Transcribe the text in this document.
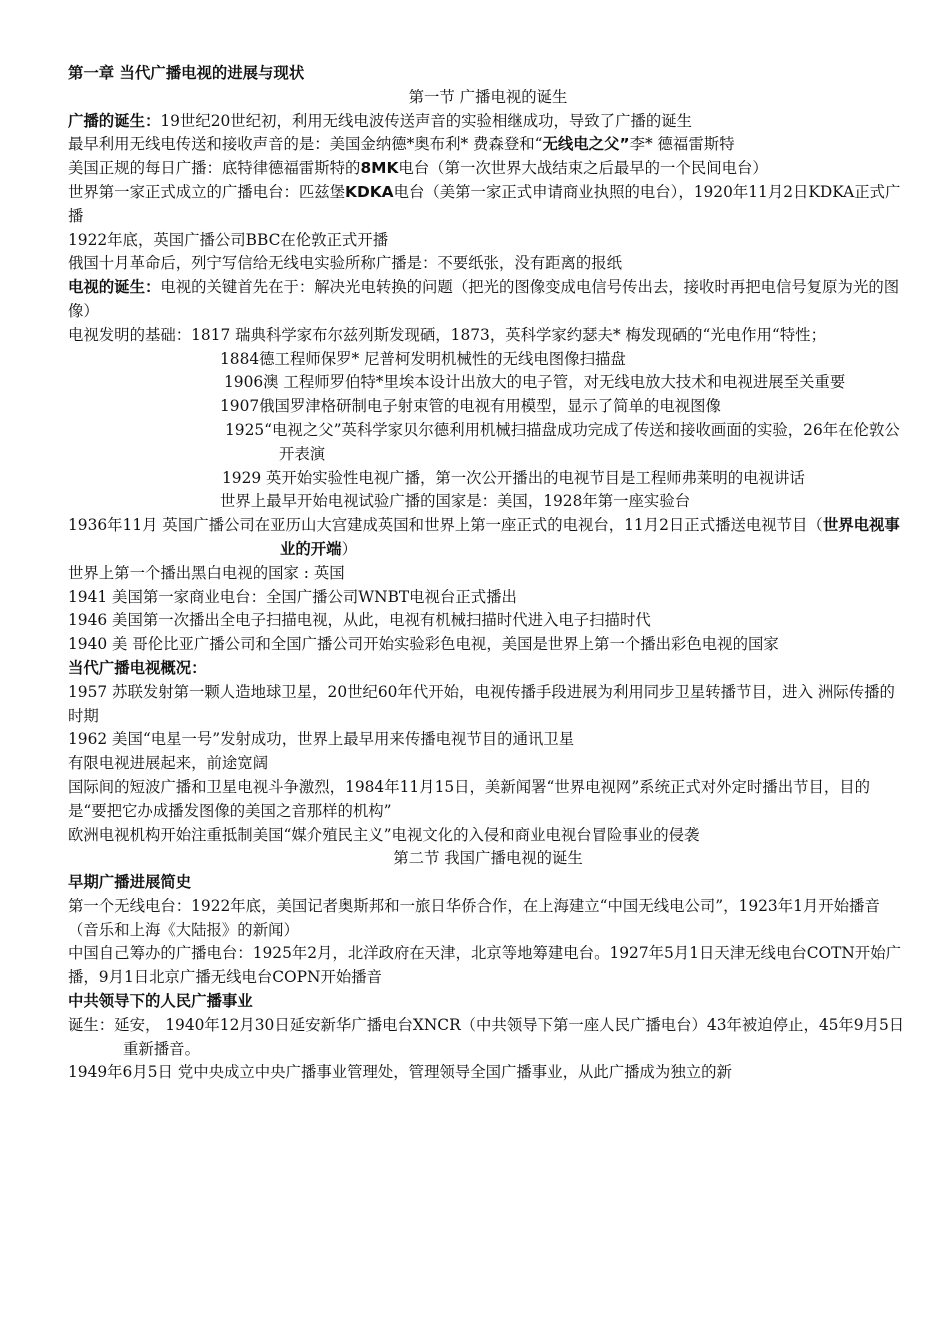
第一章 当代广播电视的进展与现状

第一节 广播电视的诞生

广播的诞生：19世纪20世纪初，利用无线电波传送声音的实验相继成功，导致了广播的诞生

最早利用无线电传送和接收声音的是：美国金纳德*奥布利* 费森登和“无线电之父”李* 德福雷斯特

美国正规的每日广播：底特律德福雷斯特的8MK电台（第一次世界大战结束之后最早的一个民间电台）

世界第一家正式成立的广播电台：匹兹堡KDKA电台（美第一家正式申请商业执照的电台），1920年11月2日KDKA正式广播

1922年底，英国广播公司BBC在伦敦正式开播

俄国十月革命后，列宁写信给无线电实验所称广播是：不要纸张，没有距离的报纸

电视的诞生：电视的关键首先在于：解决光电转换的问题（把光的图像变成电信号传出去，接收时再把电信号复原为光的图像）

电视发明的基础：1817 瑞典科学家布尔兹列斯发现硒，1873，英科学家约瑟夫* 梅发现硒的“光电作用“特性；

1884德工程师保罗* 尼普柯发明机械性的无线电图像扫描盘

1906澳 工程师罗伯特*里埃本设计出放大的电子管，对无线电放大技术和电视进展至关重要

1907俄国罗津格研制电子射束管的电视有用模型，显示了简单的电视图像

1925“电视之父”英科学家贝尔德利用机械扫描盘成功完成了传送和接收画面的实验，26年在伦敦公开表演

1929 英开始实验性电视广播，第一次公开播出的电视节目是工程师弗莱明的电视讲话

世界上最早开始电视试验广播的国家是：美国，1928年第一座实验台

1936年11月 英国广播公司在亚历山大宫建成英国和世界上第一座正式的电视台，11月2日正式播送电视节目（世界电视事业的开端）

世界上第一个播出黑白电视的国家 : 英国

1941 美国第一家商业电台：全国广播公司WNBT电视台正式播出

1946 美国第一次播出全电子扫描电视，从此，电视有机械扫描时代进入电子扫描时代

1940 美 哥伦比亚广播公司和全国广播公司开始实验彩色电视，美国是世界上第一个播出彩色电视的国家

当代广播电视概况：

1957 苏联发射第一颗人造地球卫星，20世纪60年代开始，电视传播手段进展为利用同步卫星转播节目，进入 洲际传播的时期

1962 美国“电星一号”发射成功，世界上最早用来传播电视节目的通讯卫星

有限电视进展起来，前途宽阔

国际间的短波广播和卫星电视斗争激烈，1984年11月15日，美新闻署“世界电视网”系统正式对外定时播出节目，目的是“要把它办成播发图像的美国之音那样的机构”

欧洲电视机构开始注重抵制美国“媒介殖民主义”电视文化的入侵和商业电视台冒险事业的侵袭

第二节 我国广播电视的诞生

早期广播进展简史

第一个无线电台：1922年底，美国记者奥斯邦和一旅日华侨合作，在上海建立“中国无线电公司”，1923年1月开始播音（音乐和上海《大陆报》的新闻）

中国自己筹办的广播电台：1925年2月，北洋政府在天津，北京等地筹建电台。1927年5月1日天津无线电台COTN开始广播，9月1日北京广播无线电台COPN开始播音

中共领导下的人民广播事业

诞生：延安， 1940年12月30日延安新华广播电台XNCR（中共领导下第一座人民广播电台）43年被迫停止，45年9月5日重新播音。

1949年6月5日 党中央成立中央广播事业管理处，管理领导全国广播事业，从此广播成为独立的新
